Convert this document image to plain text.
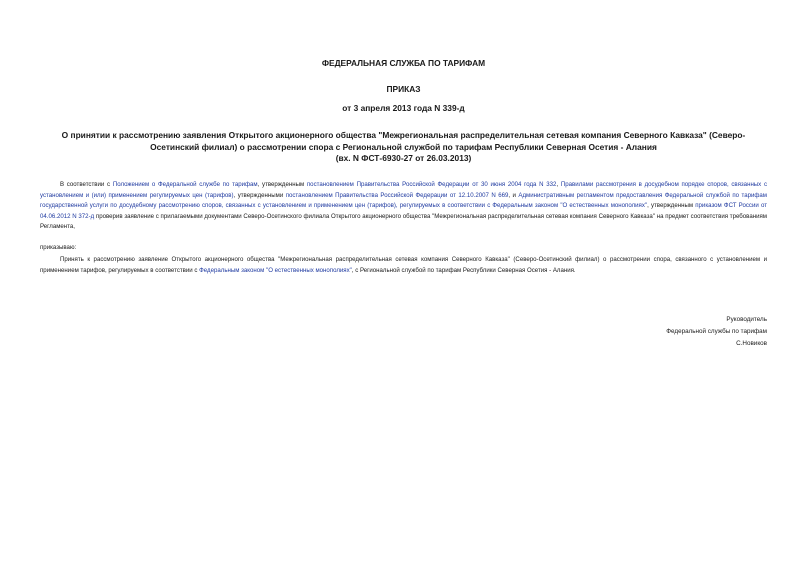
ФЕДЕРАЛЬНАЯ СЛУЖБА ПО ТАРИФАМ
ПРИКАЗ
от 3 апреля 2013 года N 339-д
О принятии к рассмотрению заявления Открытого акционерного общества "Межрегиональная распределительная сетевая компания Северного Кавказа" (Северо-
Осетинский филиал) о рассмотрении спора с Региональной службой по тарифам Республики Северная Осетия - Алания
(вх. N ФСТ-6930-27 от 26.03.2013)
В соответствии с Положением о Федеральной службе по тарифам, утвержденным постановлением Правительства Российской Федерации от 30 июня 2004 года N 332, Правилами рассмотрения в досудебном порядке споров, связанных с установлением и (или) применением регулируемых цен (тарифов), утвержденными постановлением Правительства Российской Федерации от 12.10.2007 N 669, и Административным регламентом предоставления Федеральной службой по тарифам государственной услуги по досудебному рассмотрению споров, связанных с установлением и применением цен (тарифов), регулируемых в соответствии с Федеральным законом "О естественных монополиях", утвержденным приказом ФСТ России от 04.06.2012 N 372-д проверив заявление с прилагаемыми документами Северо-Осетинского филиала Открытого акционерного общества "Межрегиональная распределительная сетевая компания Северного Кавказа" на предмет соответствия требованиям Регламента,
приказываю:
Принять к рассмотрению заявление Открытого акционерного общества "Межрегиональная распределительная сетевая компания Северного Кавказа" (Северо-Осетинский филиал) о рассмотрении спора, связанного с установлением и применением тарифов, регулируемых в соответствии с Федеральным законом "О естественных монополиях", с Региональной службой по тарифам Республики Северная Осетия - Алания.
Руководитель
Федеральной службы по тарифам
С.Новиков
